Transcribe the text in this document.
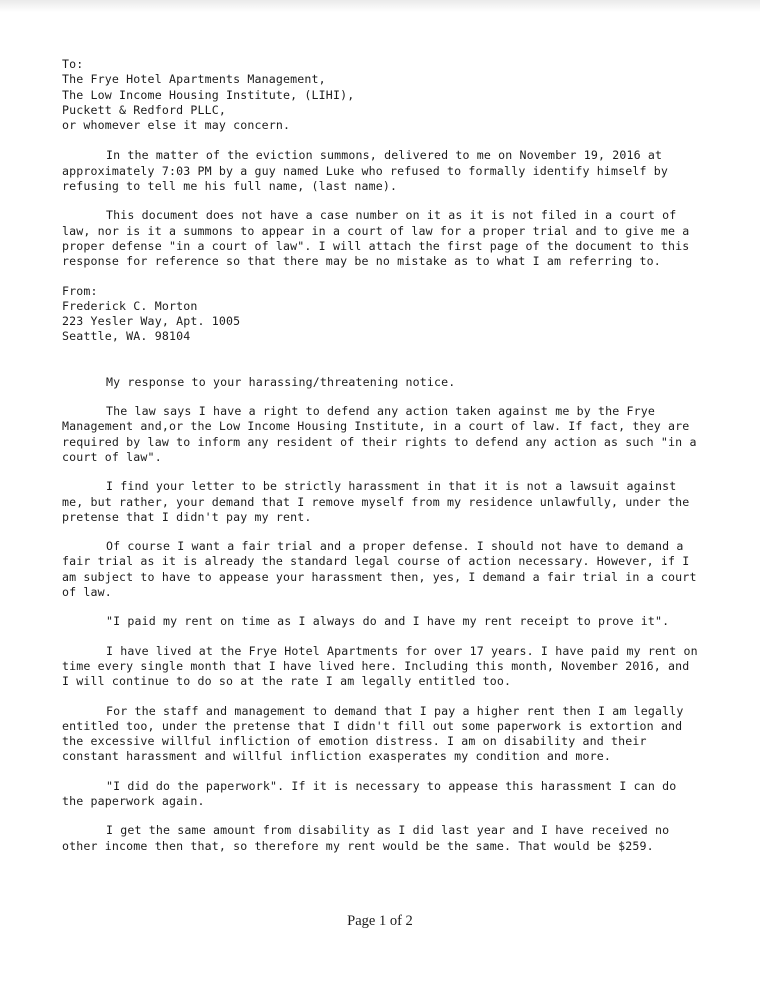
To:
The Frye Hotel Apartments Management,
The Low Income Housing Institute, (LIHI),
Puckett & Redford PLLC,
or whomever else it may concern.

In the matter of the eviction summons, delivered to me on November 19, 2016 at approximately 7:03 PM by a guy named Luke who refused to formally identify himself by refusing to tell me his full name, (last name).

This document does not have a case number on it as it is not filed in a court of law, nor is it a summons to appear in a court of law for a proper trial and to give me a proper defense "in a court of law". I will attach the first page of the document to this response for reference so that there may be no mistake as to what I am referring to.

From:
Frederick C. Morton
223 Yesler Way, Apt. 1005
Seattle, WA. 98104

My response to your harassing/threatening notice.

The law says I have a right to defend any action taken against me by the Frye Management and,or the Low Income Housing Institute, in a court of law. If fact, they are required by law to inform any resident of their rights to defend any action as such "in a court of law".

I find your letter to be strictly harassment in that it is not a lawsuit against me, but rather, your demand that I remove myself from my residence unlawfully, under the pretense that I didn't pay my rent.

Of course I want a fair trial and a proper defense. I should not have to demand a fair trial as it is already the standard legal course of action necessary. However, if I am subject to have to appease your harassment then, yes, I demand a fair trial in a court of law.

"I paid my rent on time as I always do and I have my rent receipt to prove it".

I have lived at the Frye Hotel Apartments for over 17 years. I have paid my rent on time every single month that I have lived here. Including this month, November 2016, and I will continue to do so at the rate I am legally entitled too.

For the staff and management to demand that I pay a higher rent then I am legally entitled too, under the pretense that I didn't fill out some paperwork is extortion and the excessive willful infliction of emotion distress. I am on disability and their constant harassment and willful infliction exasperates my condition and more.

"I did do the paperwork". If it is necessary to appease this harassment I can do the paperwork again.

I get the same amount from disability as I did last year and I have received no other income then that, so therefore my rent would be the same. That would be $259.

Page 1 of 2
